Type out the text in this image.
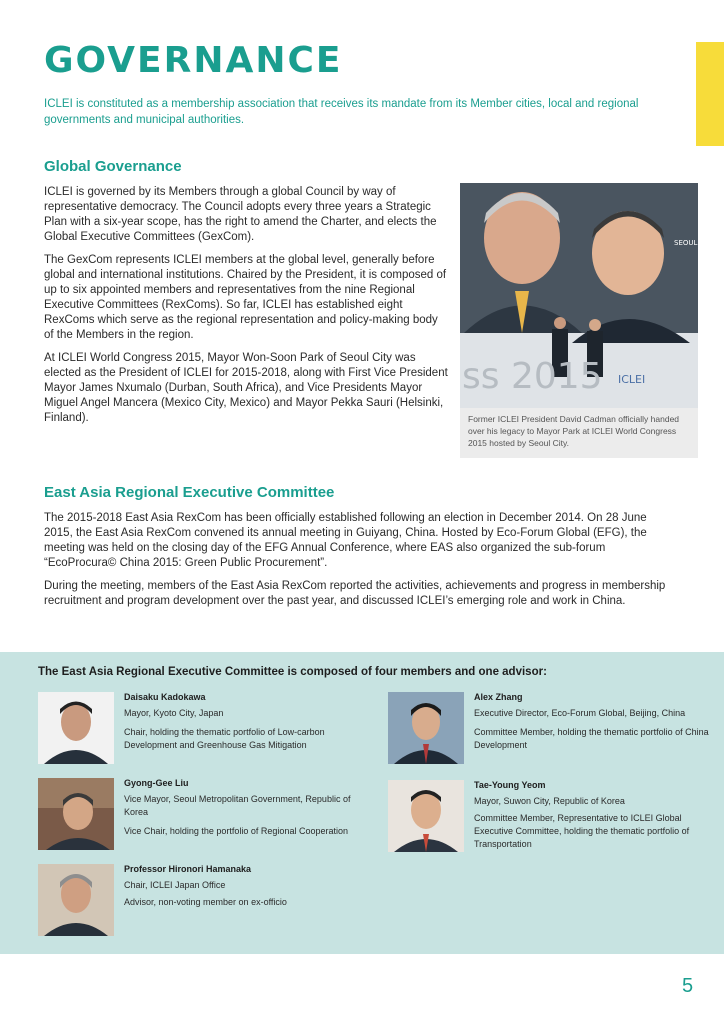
GOVERNANCE

ICLEI is constituted as a membership association that receives its mandate from its Member cities, local and regional governments and municipal authorities.

Global Governance

ICLEI is governed by its Members through a global Council by way of representative democracy. The Council adopts every three years a Strategic Plan with a six-year scope, has the right to amend the Charter, and elects the Global Executive Committees (GexCom).

The GexCom represents ICLEI members at the global level, generally before global and international institutions. Chaired by the President, it is composed of up to six appointed members and representatives from the nine Regional Executive Committees (RexComs). So far, ICLEI has established eight RexComs which serve as the regional representation and policy-making body of the Members in the region.

At ICLEI World Congress 2015, Mayor Won-Soon Park of Seoul City was elected as the President of ICLEI for 2015-2018, along with First Vice President Mayor James Nxumalo (Durban, South Africa), and Vice Presidents Mayor Miguel Angel Mancera (Mexico City, Mexico) and Mayor Pekka Sauri (Helsinki, Finland).

ss 2015 ICLEI
SEOUL

Former ICLEI President David Cadman officially handed over his legacy to Mayor Park at ICLEI World Congress 2015 hosted by Seoul City.

East Asia Regional Executive Committee

The 2015-2018 East Asia RexCom has been officially established following an election in December 2014. On 28 June 2015, the East Asia RexCom convened its annual meeting in Guiyang, China. Hosted by Eco-Forum Global (EFG), the meeting was held on the closing day of the EFG Annual Conference, where EAS also organized the sub-forum “EcoProcura© China 2015: Green Public Procurement”.

During the meeting, members of the East Asia RexCom reported the activities, achievements and progress in membership recruitment and program development over the past year, and discussed ICLEI’s emerging role and work in China.

The East Asia Regional Executive Committee is composed of four members and one advisor:

Daisaku Kadokawa
Mayor, Kyoto City, Japan
Chair, holding the thematic portfolio of Low-carbon Development and Greenhouse Gas Mitigation
Alex Zhang
Executive Director, Eco-Forum Global, Beijing, China
Committee Member, holding the thematic portfolio of China Development
Gyong-Gee Liu
Vice Mayor, Seoul Metropolitan Government, Republic of Korea
Vice Chair, holding the portfolio of Regional Cooperation
Tae-Young Yeom
Mayor, Suwon City, Republic of Korea
Committee Member, Representative to ICLEI Global Executive Committee, holding the thematic portfolio of Transportation
Professor Hironori Hamanaka
Chair, ICLEI Japan Office
Advisor, non-voting member on ex-officio
5
